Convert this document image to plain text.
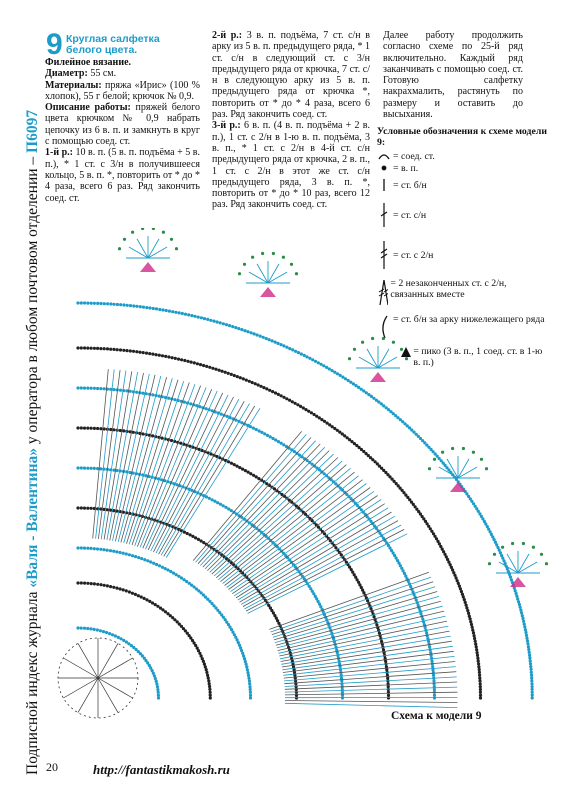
Подписной индекс журнала «Валя - Валентина» у оператора в любом почтовом отделении – П6097
9 Круглая салфетка белого цвета.

Филейное вязание.

Диаметр: 55 см.

Материалы: пряжа «Ирис» (100 % хлопок), 55 г белой; крючок № 0,9.

Описание работы: пряжей белого цвета крючком № 0,9 набрать цепочку из 6 в. п. и замкнуть в круг с помощью соед. ст.

1-й р.: 10 в. п. (5 в. п. подъёма + 5 в. п.), * 1 ст. с 3/н в получившееся кольцо, 5 в. п. *, повторить от * до * 4 раза, всего 6 раз. Ряд закончить соед. ст.

2-й р.: 3 в. п. подъёма, 7 ст. с/н в арку из 5 в. п. предыдущего ряда, * 1 ст. с/н в следующий ст. с 3/н предыдущего ряда от крючка, 7 ст. с/н в следующую арку из 5 в. п. предыдущего ряда от крючка *, повторить от * до * 4 раза, всего 6 раз. Ряд закончить соед. ст.

3-й р.: 6 в. п. (4 в. п. подъёма + 2 в. п.), 1 ст. с 2/н в 1-ю в. п. подъёма, 3 в. п., * 1 ст. с 2/н в 4-й ст. с/н предыдущего ряда от крючка, 2 в. п., 1 ст. с 2/н в этот же ст. с/н предыдущего ряда, 3 в. п. *, повторить от * до * 10 раз, всего 12 раз. Ряд закончить соед. ст.

Далее работу продолжить согласно схеме по 25-й ряд включительно. Каждый ряд заканчивать с помощью соед. ст. Готовую салфетку накрахмалить, растянуть по размеру и оставить до высыхания.

Условные обозначения к схеме модели 9:
= соед. ст.
= в. п.
= ст. б/н
= ст. с/н
= ст. с 2/н
= 2 незаконченных ст. с 2/н, связанных вместе
= ст. б/н за арку нижележащего ряда
= пико (3 в. п., 1 соед. ст. в 1-ю в. п.)
Схема к модели 9
20	http://fantastikmakosh.ru
